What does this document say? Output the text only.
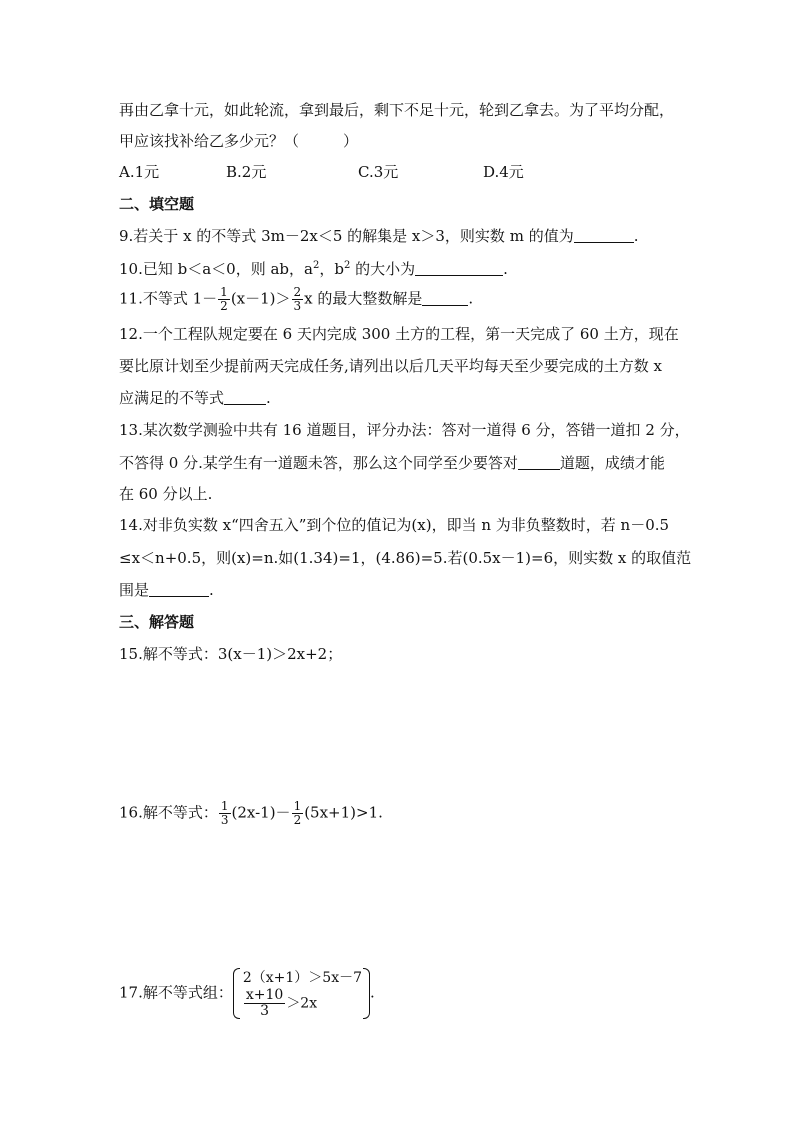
再由乙拿十元，如此轮流，拿到最后，剩下不足十元，轮到乙拿去。为了平均分配，
甲应该找补给乙多少元？（	）
A.1元	B.2元	C.3元	D.4元
二、填空题
9.若关于 x 的不等式 3m－2x＜5 的解集是 x＞3，则实数 m 的值为	.
10.已知 b＜a＜0，则 ab，$a^2$，$b^2$ 的大小为	.
11.不等式 $1- \frac{1}{2} (x-1)> \frac{2}{3}$ x 的最大整数解是	.
12.一个工程队规定要在 6 天内完成 300 土方的工程，第一天完成了 60 土方，现在
要比原计划至少提前两天完成任务,请列出以后几天平均每天至少要完成的土方数 x
应满足的不等式	.
13.某次数学测验中共有 16 道题目，评分办法：答对一道得 6 分，答错一道扣 2 分，
不答得 0 分.某学生有一道题未答，那么这个同学至少要答对	道题，成绩才能
在 60 分以上.
14.对非负实数 x“四舍五入”到个位的值记为(x)，即当 n 为非负整数时，若 n－0.5
≤x＜n+0.5，则(x)=n.如(1.34)=1，(4.86)=5.若(0.5x－1)=6，则实数 x 的取值范
围是	.
三、解答题
15.解不等式：3(x－1)＞2x+2；
16.解不等式： $\frac{1}{3} (2x-1)- \frac{1}{2} (5x+1)>1$.
17.解不等式组：
2（x+1）＞5x－7
$\frac{x+10}{3} >2x$
.
